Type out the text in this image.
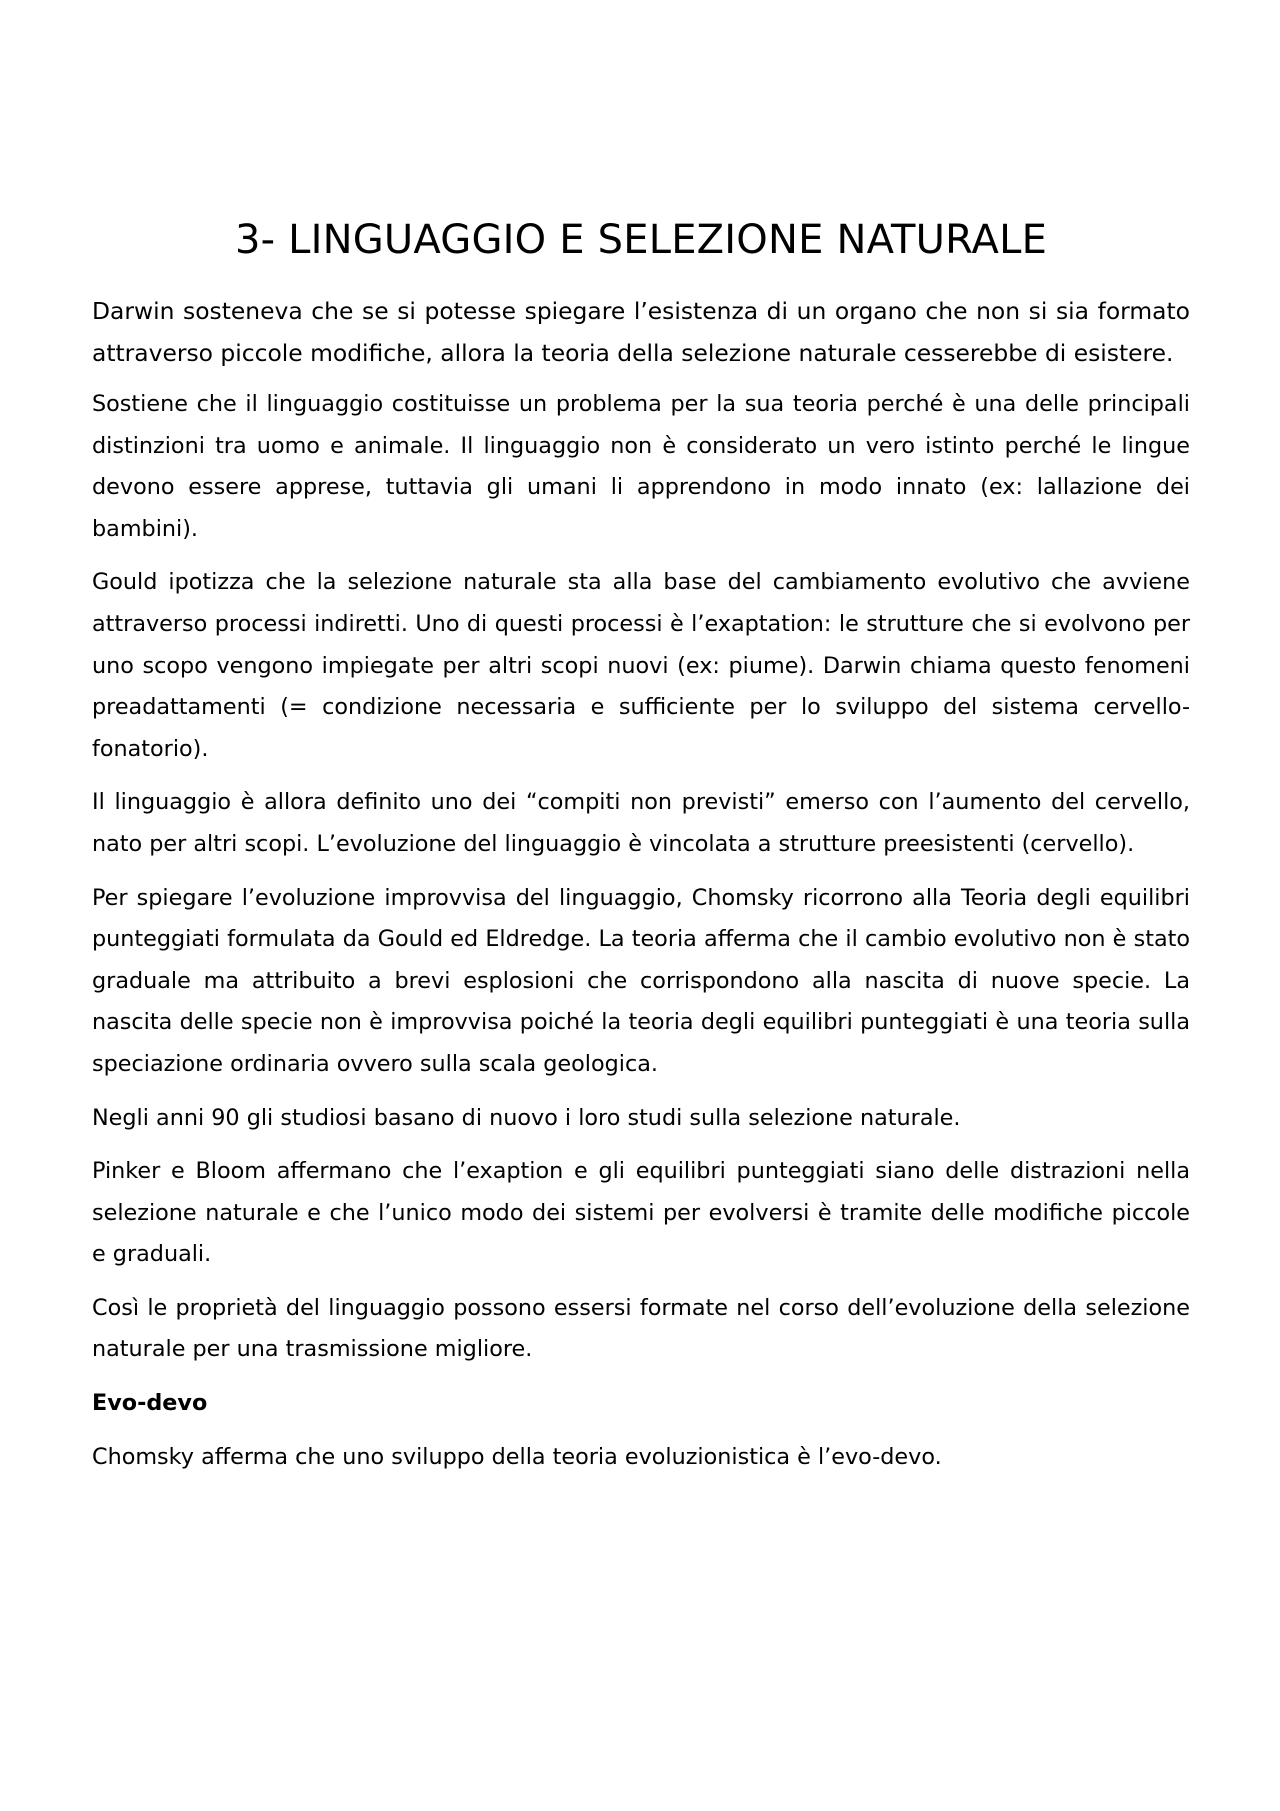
3- LINGUAGGIO E SELEZIONE NATURALE

Darwin sosteneva che se si potesse spiegare l’esistenza di un organo che non si sia formato attraverso piccole modifiche, allora la teoria della selezione naturale cesserebbe di esistere.

Sostiene che il linguaggio costituisse un problema per la sua teoria perché è una delle principali distinzioni tra uomo e animale. Il linguaggio non è considerato un vero istinto perché le lingue devono essere apprese, tuttavia gli umani li apprendono in modo innato (ex: lallazione dei bambini).

Gould ipotizza che la selezione naturale sta alla base del cambiamento evolutivo che avviene attraverso processi indiretti. Uno di questi processi è l’exaptation: le strutture che si evolvono per uno scopo vengono impiegate per altri scopi nuovi (ex: piume). Darwin chiama questo fenomeni preadattamenti (= condizione necessaria e sufficiente per lo sviluppo del sistema cervello-fonatorio).

Il linguaggio è allora definito uno dei “compiti non previsti” emerso con l’aumento del cervello, nato per altri scopi. L’evoluzione del linguaggio è vincolata a strutture preesistenti (cervello).

Per spiegare l’evoluzione improvvisa del linguaggio, Chomsky ricorrono alla Teoria degli equilibri punteggiati formulata da Gould ed Eldredge. La teoria afferma che il cambio evolutivo non è stato graduale ma attribuito a brevi esplosioni che corrispondono alla nascita di nuove specie. La nascita delle specie non è improvvisa poiché la teoria degli equilibri punteggiati è una teoria sulla speciazione ordinaria ovvero sulla scala geologica.

Negli anni 90 gli studiosi basano di nuovo i loro studi sulla selezione naturale.

Pinker e Bloom affermano che l’exaption e gli equilibri punteggiati siano delle distrazioni nella selezione naturale e che l’unico modo dei sistemi per evolversi è tramite delle modifiche piccole e graduali.

Così le proprietà del linguaggio possono essersi formate nel corso dell’evoluzione della selezione naturale per una trasmissione migliore.

Evo-devo

Chomsky afferma che uno sviluppo della teoria evoluzionistica è l’evo-devo.
